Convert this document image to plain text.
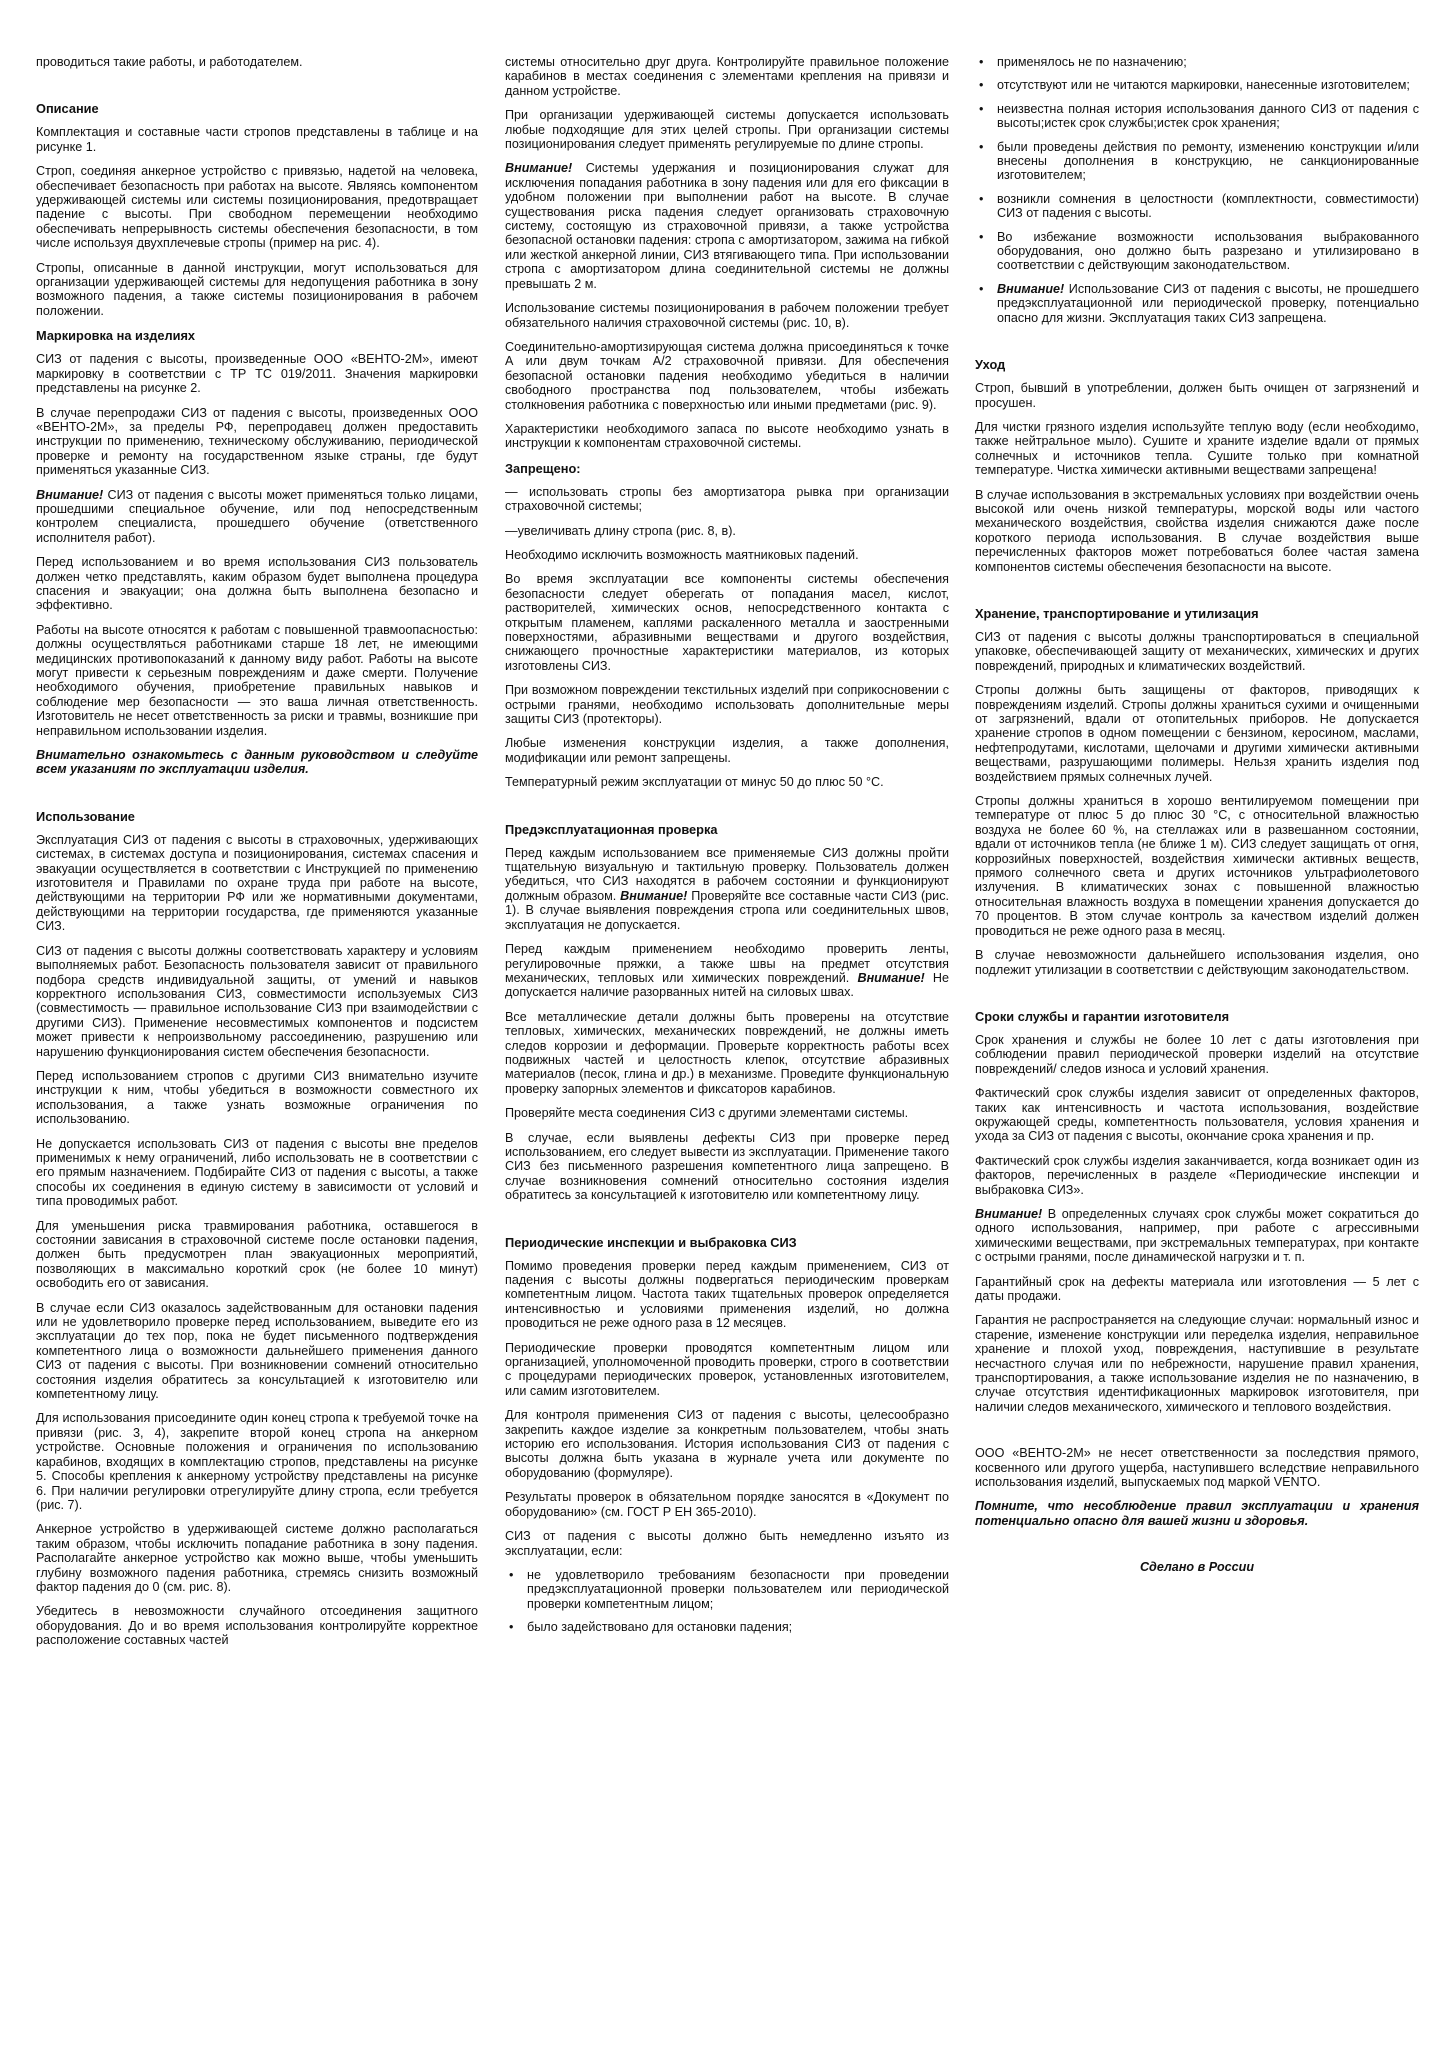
проводиться такие работы, и работодателем.

Описание

Комплектация и составные части стропов представлены в таблице и на рисунке 1.

Строп, соединяя анкерное устройство с привязью, надетой на человека, обеспечивает безопасность при работах на высоте. Являясь компонентом удерживающей системы или системы позиционирования, предотвращает падение с высоты. При свободном перемещении необходимо обеспечивать непрерывность системы обеспечения безопасности, в том числе используя двухплечевые стропы (пример на рис. 4).

Стропы, описанные в данной инструкции, могут использоваться для организации удерживающей системы для недопущения работника в зону возможного падения, а также системы позиционирования в рабочем положении.

Маркировка на изделиях

СИЗ от падения с высоты, произведенные ООО «ВЕНТО-2М», имеют маркировку в соответствии с ТР ТС 019/2011. Значения маркировки представлены на рисунке 2.

В случае перепродажи СИЗ от падения с высоты, произведенных ООО «ВЕНТО-2М», за пределы РФ, перепродавец должен предоставить инструкции по применению, техническому обслуживанию, периодической проверке и ремонту на государственном языке страны, где будут применяться указанные СИЗ.

Внимание! СИЗ от падения с высоты может применяться только лицами, прошедшими специальное обучение, или под непосредственным контролем специалиста, прошедшего обучение (ответственного исполнителя работ).

Перед использованием и во время использования СИЗ пользователь должен четко представлять, каким образом будет выполнена процедура спасения и эвакуации; она должна быть выполнена безопасно и эффективно.

Работы на высоте относятся к работам с повышенной травмоопасностью: должны осуществляться работниками старше 18 лет, не имеющими медицинских противопоказаний к данному виду работ. Работы на высоте могут привести к серьезным повреждениям и даже смерти. Получение необходимого обучения, приобретение правильных навыков и соблюдение мер безопасности — это ваша личная ответственность. Изготовитель не несет ответственность за риски и травмы, возникшие при неправильном использовании изделия.

Внимательно ознакомьтесь с данным руководством и следуйте всем указаниям по эксплуатации изделия.

Использование

Эксплуатация СИЗ от падения с высоты в страховочных, удерживающих системах, в системах доступа и позиционирования, системах спасения и эвакуации осуществляется в соответствии с Инструкцией по применению изготовителя и Правилами по охране труда при работе на высоте, действующими на территории РФ или же нормативными документами, действующими на территории государства, где применяются указанные СИЗ.

СИЗ от падения с высоты должны соответствовать характеру и условиям выполняемых работ. Безопасность пользователя зависит от правильного подбора средств индивидуальной защиты, от умений и навыков корректного использования СИЗ, совместимости используемых СИЗ (совместимость — правильное использование СИЗ при взаимодействии с другими СИЗ). Применение несовместимых компонентов и подсистем может привести к непроизвольному рассоединению, разрушению или нарушению функционирования систем обеспечения безопасности.

Перед использованием стропов с другими СИЗ внимательно изучите инструкции к ним, чтобы убедиться в возможности совместного их использования, а также узнать возможные ограничения по использованию.

Не допускается использовать СИЗ от падения с высоты вне пределов применимых к нему ограничений, либо использовать не в соответствии с его прямым назначением. Подбирайте СИЗ от падения с высоты, а также способы их соединения в единую систему в зависимости от условий и типа проводимых работ.

Для уменьшения риска травмирования работника, оставшегося в состоянии зависания в страховочной системе после остановки падения, должен быть предусмотрен план эвакуационных мероприятий, позволяющих в максимально короткий срок (не более 10 минут) освободить его от зависания.

В случае если СИЗ оказалось задействованным для остановки падения или не удовлетворило проверке перед использованием, выведите его из эксплуатации до тех пор, пока не будет письменного подтверждения компетентного лица о возможности дальнейшего применения данного СИЗ от падения с высоты. При возникновении сомнений относительно состояния изделия обратитесь за консультацией к изготовителю или компетентному лицу.

Для использования присоедините один конец стропа к требуемой точке на привязи (рис. 3, 4), закрепите второй конец стропа на анкерном устройстве. Основные положения и ограничения по использованию карабинов, входящих в комплектацию стропов, представлены на рисунке 5. Способы крепления к анкерному устройству представлены на рисунке 6. При наличии регулировки отрегулируйте длину стропа, если требуется (рис. 7).

Анкерное устройство в удерживающей системе должно располагаться таким образом, чтобы исключить попадание работника в зону падения. Располагайте анкерное устройство как можно выше, чтобы уменьшить глубину возможного падения работника, стремясь снизить возможный фактор падения до 0 (см. рис. 8).

Убедитесь в невозможности случайного отсоединения защитного оборудования. До и во время использования контролируйте корректное расположение составных частей

системы относительно друг друга. Контролируйте правильное положение карабинов в местах соединения с элементами крепления на привязи и данном устройстве.

При организации удерживающей системы допускается использовать любые подходящие для этих целей стропы. При организации системы позиционирования следует применять регулируемые по длине стропы.

Внимание! Системы удержания и позиционирования служат для исключения попадания работника в зону падения или для его фиксации в удобном положении при выполнении работ на высоте. В случае существования риска падения следует организовать страховочную систему, состоящую из страховочной привязи, а также устройства безопасной остановки падения: стропа с амортизатором, зажима на гибкой или жесткой анкерной линии, СИЗ втягивающего типа. При использовании стропа с амортизатором длина соединительной системы не должны превышать 2 м.

Использование системы позиционирования в рабочем положении требует обязательного наличия страховочной системы (рис. 10, в).

Соединительно-амортизирующая система должна присоединяться к точке А или двум точкам А/2 страховочной привязи. Для обеспечения безопасной остановки падения необходимо убедиться в наличии свободного пространства под пользователем, чтобы избежать столкновения работника с поверхностью или иными предметами (рис. 9).

Характеристики необходимого запаса по высоте необходимо узнать в инструкции к компонентам страховочной системы.

Запрещено:

— использовать стропы без амортизатора рывка при организации страховочной системы;

—увеличивать длину стропа (рис. 8, в).

Необходимо исключить возможность маятниковых падений.

Во время эксплуатации все компоненты системы обеспечения безопасности следует оберегать от попадания масел, кислот, растворителей, химических основ, непосредственного контакта с открытым пламенем, каплями раскаленного металла и заостренными поверхностями, абразивными веществами и другого воздействия, снижающего прочностные характеристики материалов, из которых изготовлены СИЗ.

При возможном повреждении текстильных изделий при соприкосновении с острыми гранями, необходимо использовать дополнительные меры защиты СИЗ (протекторы).

Любые изменения конструкции изделия, а также дополнения, модификации или ремонт запрещены.

Температурный режим эксплуатации от минус 50 до плюс 50 °С.

Предэксплуатационная проверка

Перед каждым использованием все применяемые СИЗ должны пройти тщательную визуальную и тактильную проверку. Пользователь должен убедиться, что СИЗ находятся в рабочем состоянии и функционируют должным образом. Внимание! Проверяйте все составные части СИЗ (рис. 1). В случае выявления повреждения стропа или соединительных швов, эксплуатация не допускается.

Перед каждым применением необходимо проверить ленты, регулировочные пряжки, а также швы на предмет отсутствия механических, тепловых или химических повреждений. Внимание! Не допускается наличие разорванных нитей на силовых швах.

Все металлические детали должны быть проверены на отсутствие тепловых, химических, механических повреждений, не должны иметь следов коррозии и деформации. Проверьте корректность работы всех подвижных частей и целостность клепок, отсутствие абразивных материалов (песок, глина и др.) в механизме. Проведите функциональную проверку запорных элементов и фиксаторов карабинов.

Проверяйте места соединения СИЗ с другими элементами системы.

В случае, если выявлены дефекты СИЗ при проверке перед использованием, его следует вывести из эксплуатации. Применение такого СИЗ без письменного разрешения компетентного лица запрещено. В случае возникновения сомнений относительно состояния изделия обратитесь за консультацией к изготовителю или компетентному лицу.

Периодические инспекции и выбраковка СИЗ

Помимо проведения проверки перед каждым применением, СИЗ от падения с высоты должны подвергаться периодическим проверкам компетентным лицом. Частота таких тщательных проверок определяется интенсивностью и условиями применения изделий, но должна проводиться не реже одного раза в 12 месяцев.

Периодические проверки проводятся компетентным лицом или организацией, уполномоченной проводить проверки, строго в соответствии с процедурами периодических проверок, установленных изготовителем, или самим изготовителем.

Для контроля применения СИЗ от падения с высоты, целесообразно закрепить каждое изделие за конкретным пользователем, чтобы знать историю его использования. История использования СИЗ от падения с высоты должна быть указана в журнале учета или документе по оборудованию (формуляре).

Результаты проверок в обязательном порядке заносятся в «Документ по оборудованию» (см. ГОСТ Р ЕН 365-2010).

СИЗ от падения с высоты должно быть немедленно изъято из эксплуатации, если:

• не удовлетворило требованиям безопасности при проведении предэксплуатационной проверки пользователем или периодической проверки компетентным лицом;
• было задействовано для остановки падения;
• применялось не по назначению;
• отсутствуют или не читаются маркировки, нанесенные изготовителем;
• неизвестна полная история использования данного СИЗ от падения с высоты;истек срок службы;истек срок хранения;
• были проведены действия по ремонту, изменению конструкции и/или внесены дополнения в конструкцию, не санкционированные изготовителем;
• возникли сомнения в целостности (комплектности, совместимости) СИЗ от падения с высоты.
• Во избежание возможности использования выбракованного оборудования, оно должно быть разрезано и утилизировано в соответствии с действующим законодательством.
• Внимание! Использование СИЗ от падения с высоты, не прошедшего предэксплуатационной или периодической проверку, потенциально опасно для жизни. Эксплуатация таких СИЗ запрещена.
Уход

Строп, бывший в употреблении, должен быть очищен от загрязнений и просушен.

Для чистки грязного изделия используйте теплую воду (если необходимо, также нейтральное мыло). Сушите и храните изделие вдали от прямых солнечных и источников тепла. Сушите только при комнатной температуре. Чистка химически активными веществами запрещена!

В случае использования в экстремальных условиях при воздействии очень высокой или очень низкой температуры, морской воды или частого механического воздействия, свойства изделия снижаются даже после короткого периода использования. В случае воздействия выше перечисленных факторов может потребоваться более частая замена компонентов системы обеспечения безопасности на высоте.

Хранение, транспортирование и утилизация

СИЗ от падения с высоты должны транспортироваться в специальной упаковке, обеспечивающей защиту от механических, химических и других повреждений, природных и климатических воздействий.

Стропы должны быть защищены от факторов, приводящих к повреждениям изделий. Стропы должны храниться сухими и очищенными от загрязнений, вдали от отопительных приборов. Не допускается хранение стропов в одном помещении с бензином, керосином, маслами, нефтепродутами, кислотами, щелочами и другими химически активными веществами, разрушающими полимеры. Нельзя хранить изделия под воздействием прямых солнечных лучей.

Стропы должны храниться в хорошо вентилируемом помещении при температуре от плюс 5 до плюс 30 °С, с относительной влажностью воздуха не более 60 %, на стеллажах или в развешанном состоянии, вдали от источников тепла (не ближе 1 м). СИЗ следует защищать от огня, коррозийных поверхностей, воздействия химически активных веществ, прямого солнечного света и других источников ультрафиолетового излучения. В климатических зонах с повышенной влажностью относительная влажность воздуха в помещении хранения допускается до 70 процентов. В этом случае контроль за качеством изделий должен проводиться не реже одного раза в месяц.

В случае невозможности дальнейшего использования изделия, оно подлежит утилизации в соответствии с действующим законодательством.

Сроки службы и гарантии изготовителя

Срок хранения и службы не более 10 лет с даты изготовления при соблюдении правил периодической проверки изделий на отсутствие повреждений/ следов износа и условий хранения.

Фактический срок службы изделия зависит от определенных факторов, таких как интенсивность и частота использования, воздействие окружающей среды, компетентность пользователя, условия хранения и ухода за СИЗ от падения с высоты, окончание срока хранения и пр.

Фактический срок службы изделия заканчивается, когда возникает один из факторов, перечисленных в разделе «Периодические инспекции и выбраковка СИЗ».

Внимание! В определенных случаях срок службы может сократиться до одного использования, например, при работе с агрессивными химическими веществами, при экстремальных температурах, при контакте с острыми гранями, после динамической нагрузки и т. п.

Гарантийный срок на дефекты материала или изготовления — 5 лет с даты продажи.

Гарантия не распространяется на следующие случаи: нормальный износ и старение, изменение конструкции или переделка изделия, неправильное хранение и плохой уход, повреждения, наступившие в результате несчастного случая или по небрежности, нарушение правил хранения, транспортирования, а также использование изделия не по назначению, в случае отсутствия идентификационных маркировок изготовителя, при наличии следов механического, химического и теплового воздействия.

ООО «ВЕНТО-2М» не несет ответственности за последствия прямого, косвенного или другого ущерба, наступившего вследствие неправильного использования изделий, выпускаемых под маркой VENTO.

Помните, что несоблюдение правил эксплуатации и хранения потенциально опасно для вашей жизни и здоровья.

Сделано в России
